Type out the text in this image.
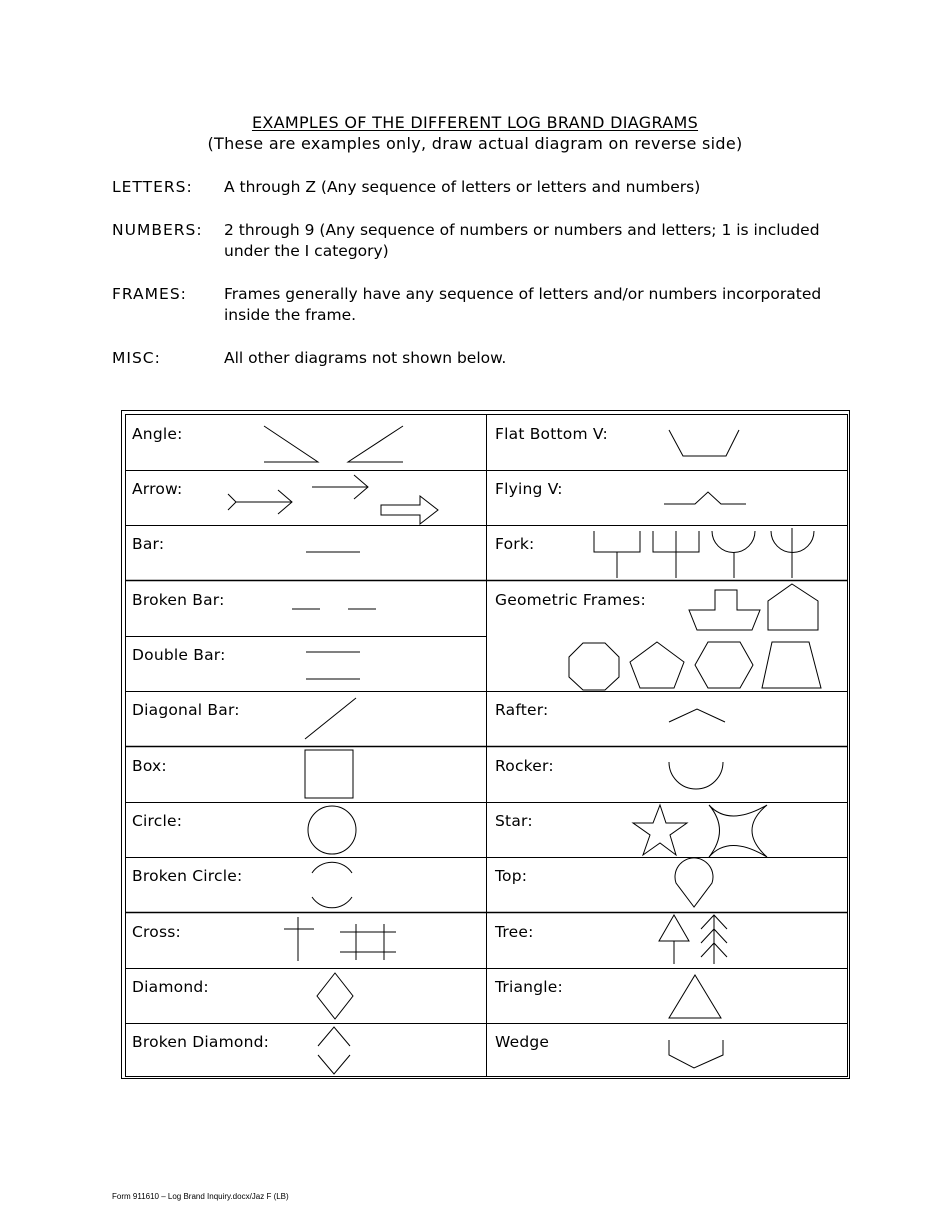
EXAMPLES OF THE DIFFERENT LOG BRAND DIAGRAMS
(These are examples only, draw actual diagram on reverse side)
LETTERS: A through Z (Any sequence of letters or letters and numbers)
NUMBERS: 2 through 9 (Any sequence of numbers or numbers and letters; 1 is included under the I category)
FRAMES: Frames generally have any sequence of letters and/or numbers incorporated inside the frame.
MISC:	All other diagrams not shown below.
Angle:
Arrow:
Bar:
Broken Bar:
Double Bar:
Diagonal Bar:
Box:
Circle:
Broken Circle:
Cross:
Diamond:
Broken Diamond:
Flat Bottom V:
Flying V:
Fork:
Geometric Frames:
Rafter:
Rocker:
Star:
Top:
Tree:
Triangle:
Wedge
Form 911610 – Log Brand Inquiry.docx/Jaz F (LB)
